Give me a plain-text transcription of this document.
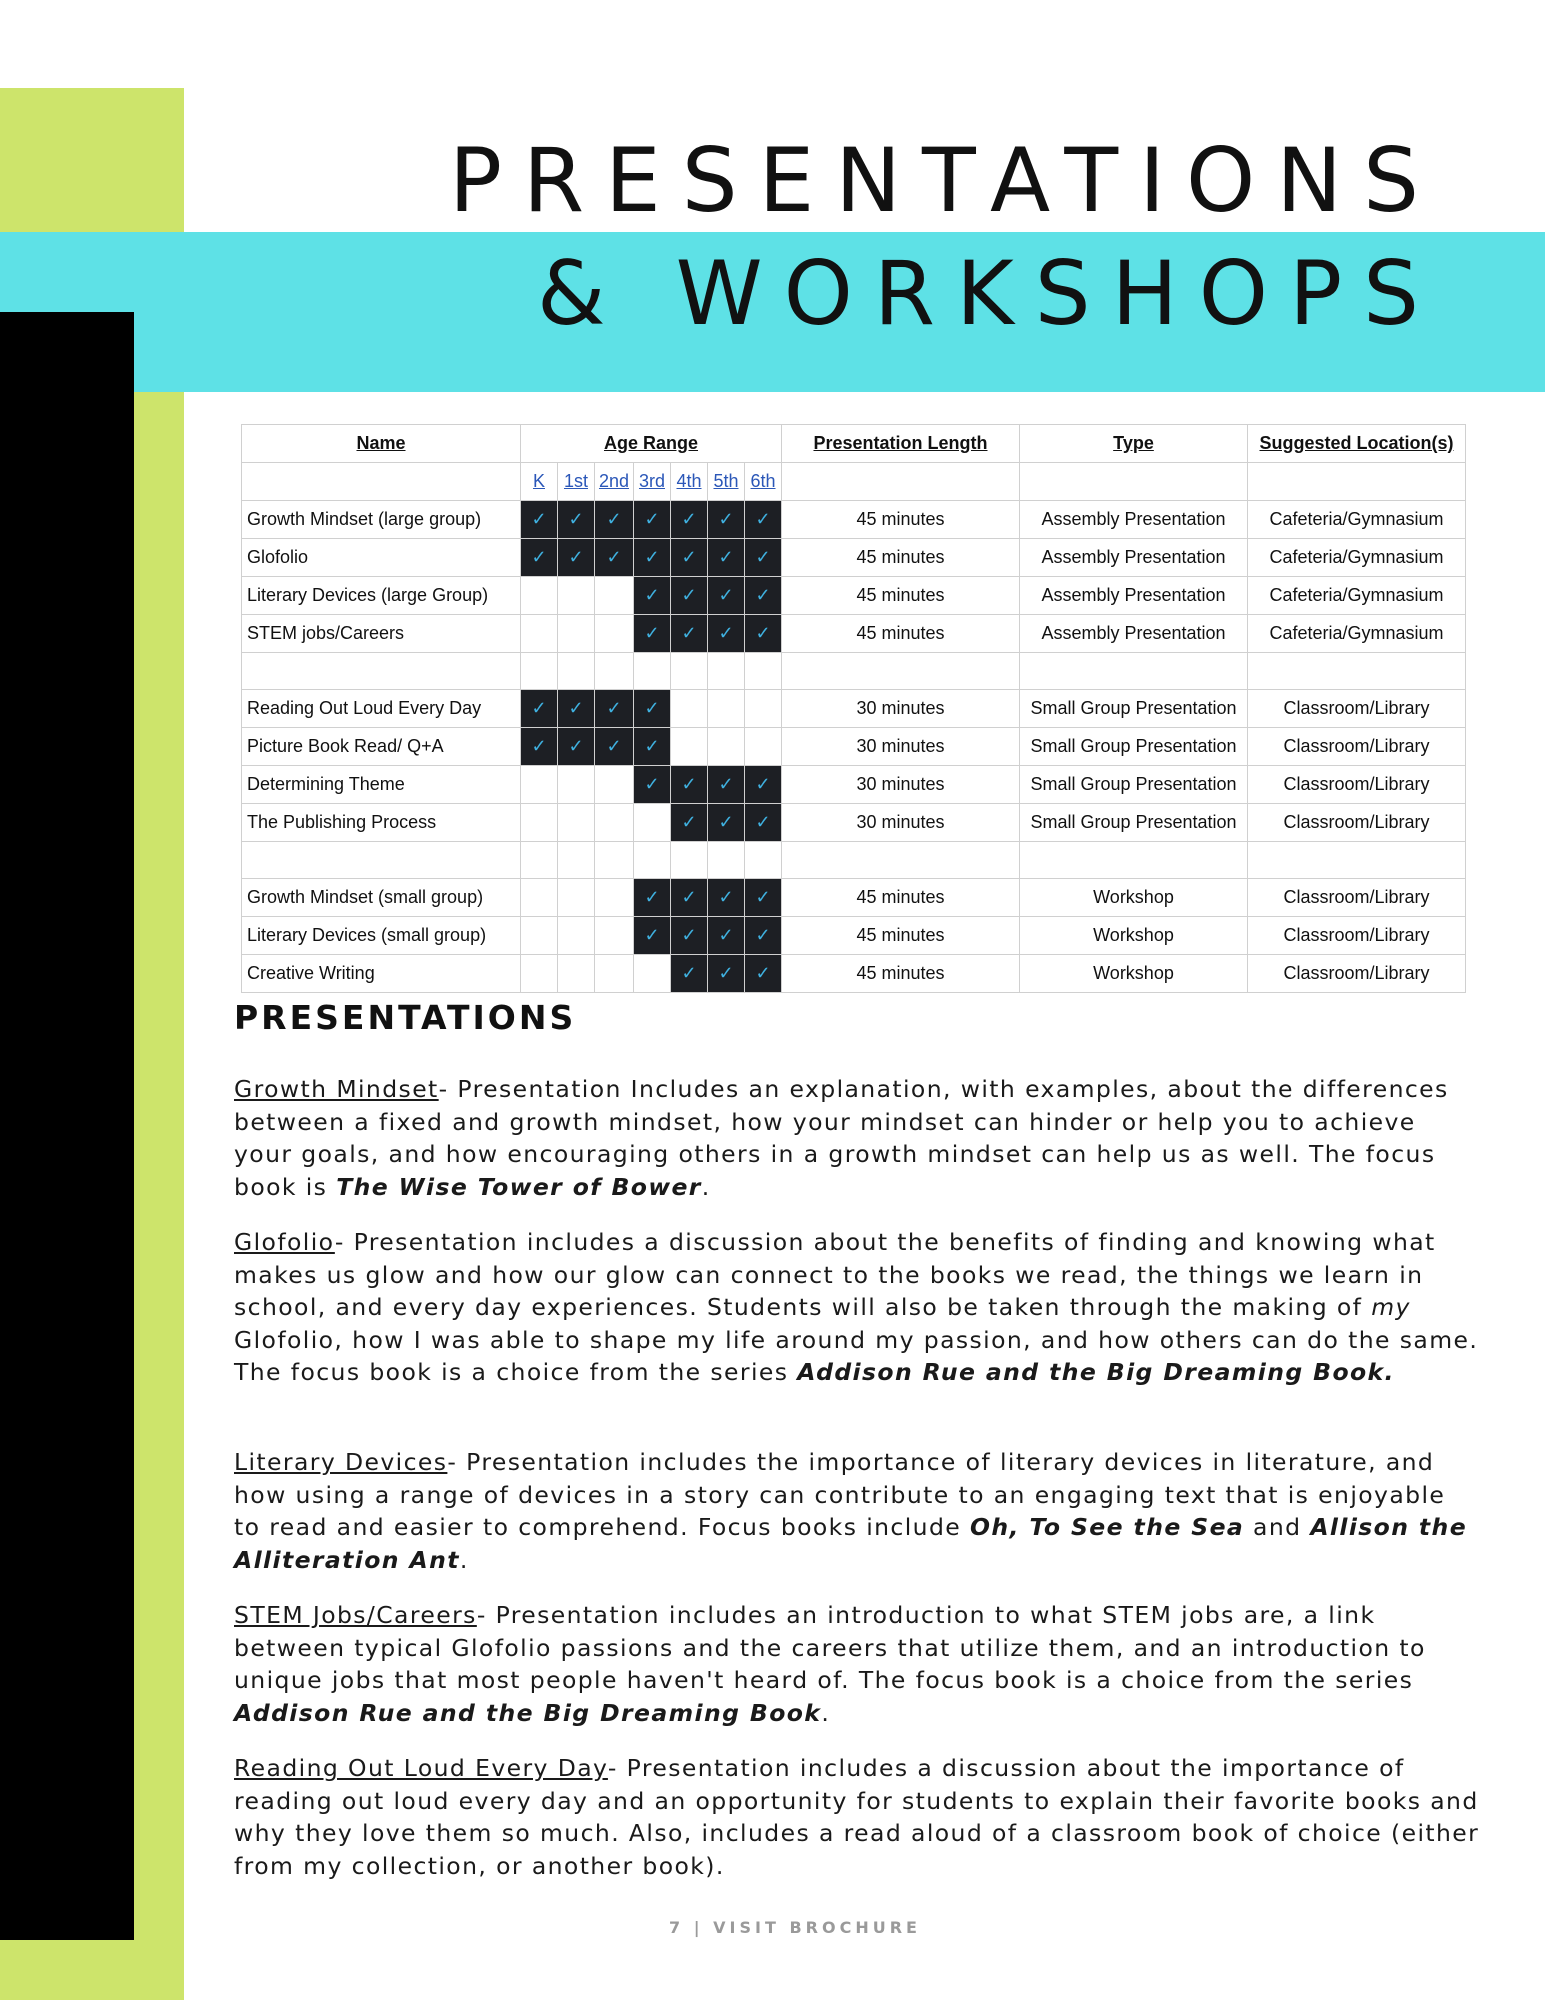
PRESENTATIONS
& WORKSHOPS
Name	Age Range							Presentation Length	Type	Suggested Location(s)
	K	1st	2nd	3rd	4th	5th	6th			
Growth Mindset (large group)	✓	✓	✓	✓	✓	✓	✓	45 minutes	Assembly Presentation	Cafeteria/Gymnasium
Glofolio	✓	✓	✓	✓	✓	✓	✓	45 minutes	Assembly Presentation	Cafeteria/Gymnasium
Literary Devices (large Group)				✓	✓	✓	✓	45 minutes	Assembly Presentation	Cafeteria/Gymnasium
STEM jobs/Careers				✓	✓	✓	✓	45 minutes	Assembly Presentation	Cafeteria/Gymnasium

Reading Out Loud Every Day	✓	✓	✓	✓				30 minutes	Small Group Presentation	Classroom/Library
Picture Book Read/ Q+A	✓	✓	✓	✓				30 minutes	Small Group Presentation	Classroom/Library
Determining Theme				✓	✓	✓	✓	30 minutes	Small Group Presentation	Classroom/Library
The Publishing Process					✓	✓	✓	30 minutes	Small Group Presentation	Classroom/Library

Growth Mindset (small group)				✓	✓	✓	✓	45 minutes	Workshop	Classroom/Library
Literary Devices (small group)				✓	✓	✓	✓	45 minutes	Workshop	Classroom/Library
Creative Writing					✓	✓	✓	45 minutes	Workshop	Classroom/Library
PRESENTATIONS

Growth Mindset- Presentation Includes an explanation, with examples, about the differences between a fixed and growth mindset, how your mindset can hinder or help you to achieve your goals, and how encouraging others in a growth mindset can help us as well. The focus book is The Wise Tower of Bower.

Glofolio- Presentation includes a discussion about the benefits of finding and knowing what makes us glow and how our glow can connect to the books we read, the things we learn in school, and every day experiences. Students will also be taken through the making of my Glofolio, how I was able to shape my life around my passion, and how others can do the same. The focus book is a choice from the series Addison Rue and the Big Dreaming Book.

Literary Devices- Presentation includes the importance of literary devices in literature, and how using a range of devices in a story can contribute to an engaging text that is enjoyable to read and easier to comprehend. Focus books include Oh, To See the Sea and Allison the Alliteration Ant.

STEM Jobs/Careers- Presentation includes an introduction to what STEM jobs are, a link between typical Glofolio passions and the careers that utilize them, and an introduction to unique jobs that most people haven't heard of. The focus book is a choice from the series Addison Rue and the Big Dreaming Book.

Reading Out Loud Every Day- Presentation includes a discussion about the importance of reading out loud every day and an opportunity for students to explain their favorite books and why they love them so much. Also, includes a read aloud of a classroom book of choice (either from my collection, or another book).

7 | VISIT BROCHURE
